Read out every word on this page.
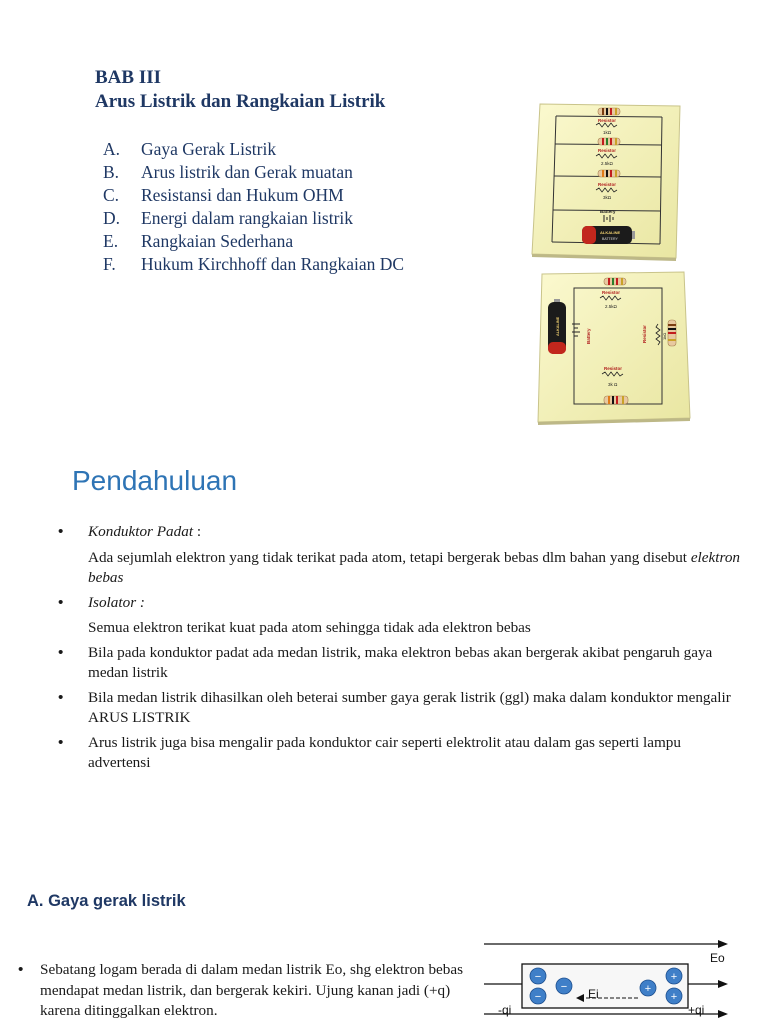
BAB III
Arus Listrik dan Rangkaian Listrik
A.	Gaya Gerak Listrik
B.	Arus listrik dan Gerak muatan
C.	Resistansi dan Hukum OHM
D.	Energi dalam rangkaian listrik
E.	Rangkaian Sederhana
F.	Hukum Kirchhoff dan Rangkaian DC
Resistor
1kΩ
Resistor
2.5kΩ
Resistor
3kΩ
Battery
ALKALINE
BATTERY
Resistor
2.5kΩ
Resistor	1kΩ
Resistor
3k Ω
ALKALINE
Battery
Pendahuluan
• Konduktor Padat :
Ada sejumlah elektron yang tidak terikat pada atom, tetapi bergerak bebas dlm bahan yang disebut elektron bebas
• Isolator :
Semua elektron terikat kuat pada atom sehingga tidak ada elektron bebas
• Bila pada konduktor padat ada medan listrik, maka elektron bebas akan bergerak akibat pengaruh gaya medan listrik
• Bila medan listrik dihasilkan oleh beterai sumber gaya gerak listrik (ggl) maka dalam konduktor mengalir ARUS LISTRIK
• Arus listrik juga bisa mengalir pada konduktor cair seperti elektrolit atau dalam gas seperti lampu advertensi
A. Gaya gerak listrik
•	Sebatang logam berada di dalam medan listrik Eo, shg elektron bebas mendapat medan listrik, dan bergerak kekiri. Ujung kanan jadi (+q) karena ditinggalkan elektron.
Eo
−
−
−	+
+
+
Ei
-qi	+qi
